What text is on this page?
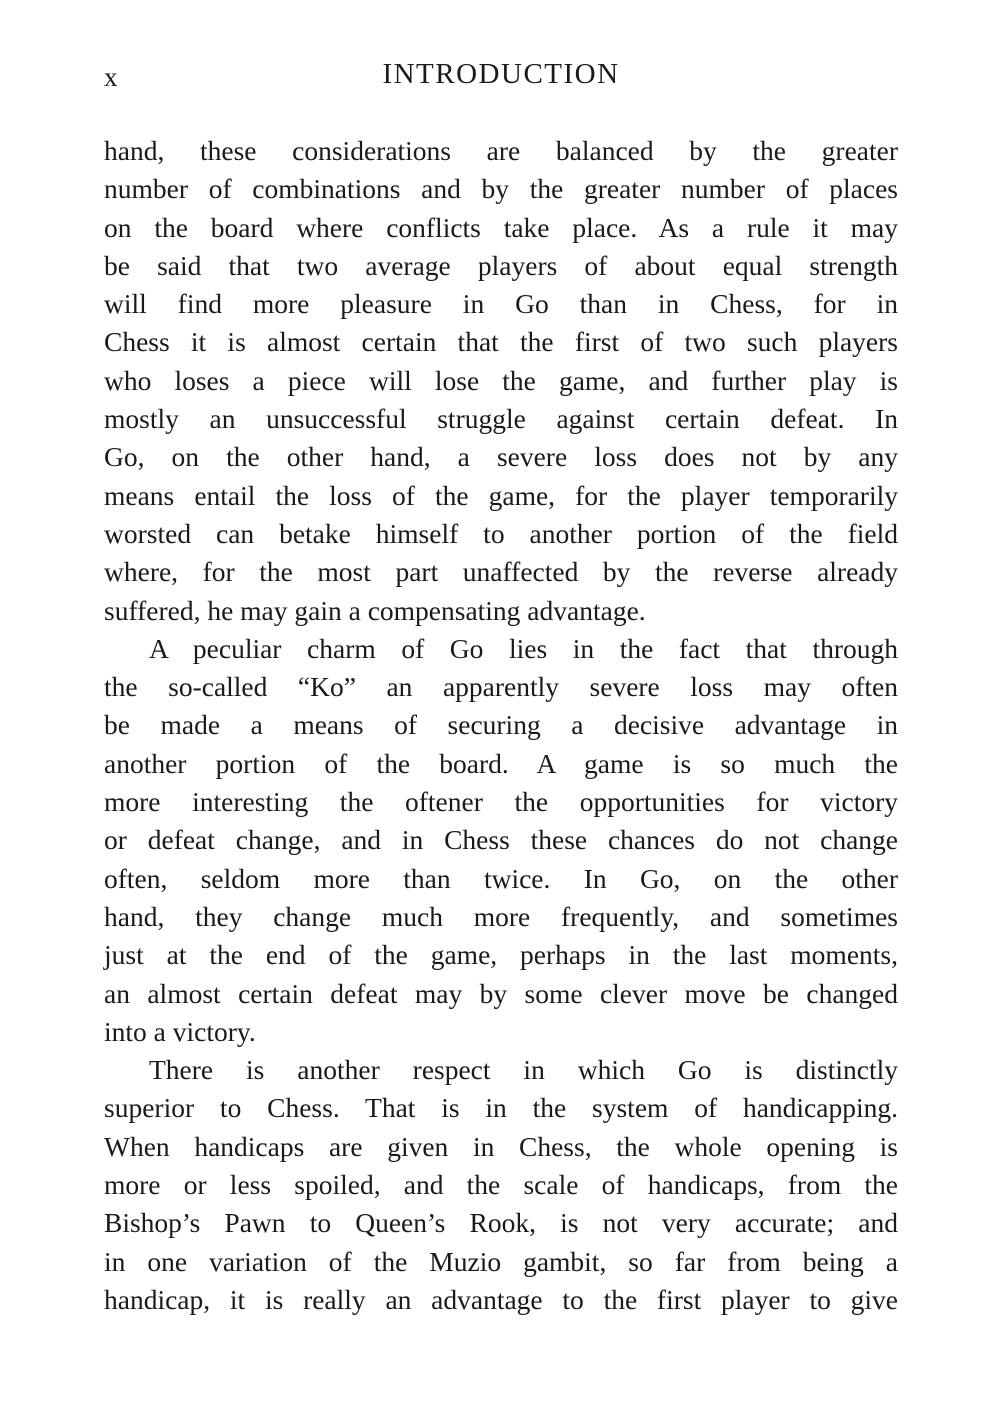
x	INTRODUCTION
hand, these considerations are balanced by the greater
number of combinations and by the greater number of places
on the board where conflicts take place. As a rule it may
be said that two average players of about equal strength
will find more pleasure in Go than in Chess, for in
Chess it is almost certain that the first of two such players
who loses a piece will lose the game, and further play is
mostly an unsuccessful struggle against certain defeat. In
Go, on the other hand, a severe loss does not by any
means entail the loss of the game, for the player temporarily
worsted can betake himself to another portion of the field
where, for the most part unaffected by the reverse already
suffered, he may gain a compensating advantage.
A peculiar charm of Go lies in the fact that through
the so-called “Ko” an apparently severe loss may often
be made a means of securing a decisive advantage in
another portion of the board. A game is so much the
more interesting the oftener the opportunities for victory
or defeat change, and in Chess these chances do not change
often, seldom more than twice. In Go, on the other
hand, they change much more frequently, and sometimes
just at the end of the game, perhaps in the last moments,
an almost certain defeat may by some clever move be changed
into a victory.
There is another respect in which Go is distinctly
superior to Chess. That is in the system of handicapping.
When handicaps are given in Chess, the whole opening is
more or less spoiled, and the scale of handicaps, from the
Bishop’s Pawn to Queen’s Rook, is not very accurate; and
in one variation of the Muzio gambit, so far from being a
handicap, it is really an advantage to the first player to give
